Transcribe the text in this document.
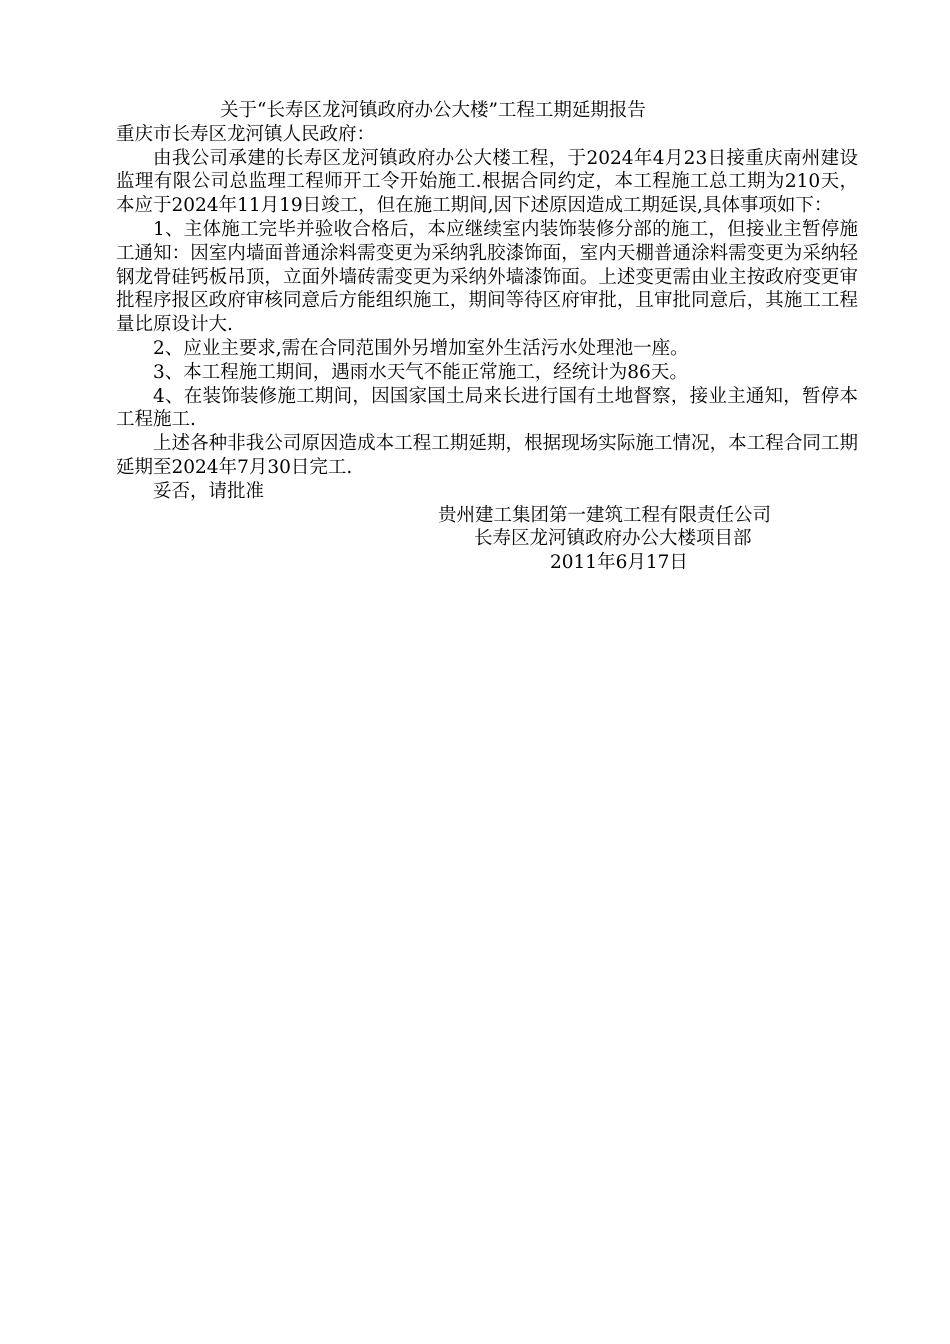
关于“长寿区龙河镇政府办公大楼”工程工期延期报告

重庆市长寿区龙河镇人民政府：

由我公司承建的长寿区龙河镇政府办公大楼工程，于2024年4月23日接重庆南州建设监理有限公司总监理工程师开工令开始施工.根据合同约定，本工程施工总工期为210天，本应于2024年11月19日竣工，但在施工期间,因下述原因造成工期延误,具体事项如下：

1、主体施工完毕并验收合格后，本应继续室内装饰装修分部的施工，但接业主暂停施工通知：因室内墙面普通涂料需变更为采纳乳胶漆饰面，室内天棚普通涂料需变更为采纳轻钢龙骨硅钙板吊顶，立面外墙砖需变更为采纳外墙漆饰面。上述变更需由业主按政府变更审批程序报区政府审核同意后方能组织施工，期间等待区府审批，且审批同意后，其施工工程量比原设计大.

2、应业主要求,需在合同范围外另增加室外生活污水处理池一座。

3、本工程施工期间，遇雨水天气不能正常施工，经统计为86天。

4、在装饰装修施工期间，因国家国土局来长进行国有土地督察，接业主通知，暂停本工程施工.

上述各种非我公司原因造成本工程工期延期，根据现场实际施工情况，本工程合同工期延期至2024年7月30日完工.

妥否，请批准

贵州建工集团第一建筑工程有限责任公司

长寿区龙河镇政府办公大楼项目部

2011年6月17日
